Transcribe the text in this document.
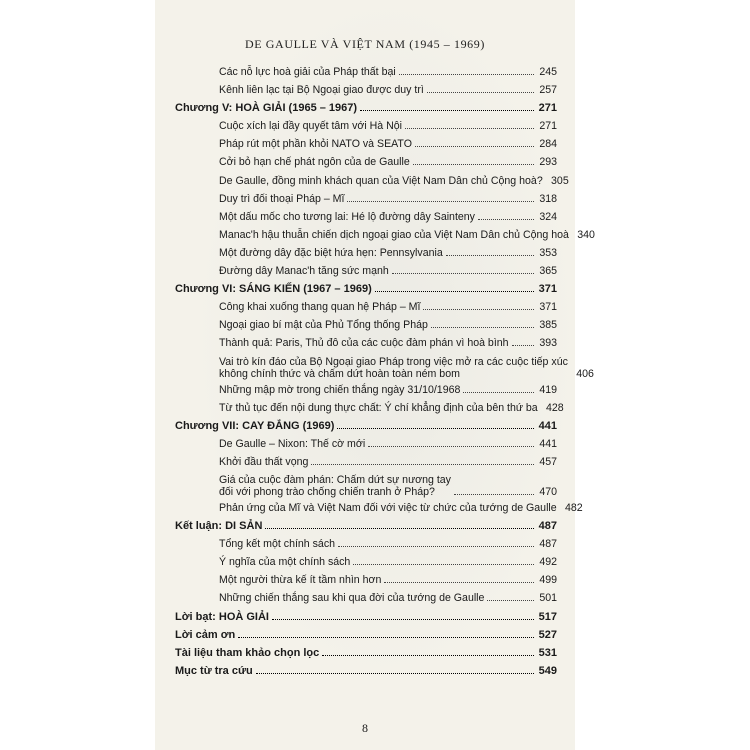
DE GAULLE VÀ VIỆT NAM (1945 – 1969)
Các nỗ lực hoà giải của Pháp thất bại	245
Kênh liên lạc tại Bộ Ngoại giao được duy trì	257
Chương V: HOÀ GIẢI (1965 – 1967)	271
Cuộc xích lại đầy quyết tâm với Hà Nội	271
Pháp rút một phần khỏi NATO và SEATO	284
Cởi bỏ hạn chế phát ngôn của de Gaulle	293
De Gaulle, đồng minh khách quan của Việt Nam Dân chủ Cộng hoà? 305
Duy trì đối thoại Pháp – Mĩ	318
Một dấu mốc cho tương lai: Hé lộ đường dây Sainteny	324
Manac'h hậu thuẫn chiến dịch ngoại giao của Việt Nam Dân chủ Cộng hoà 340
Một đường dây đặc biệt hứa hẹn: Pennsylvania	353
Đường dây Manac'h tăng sức mạnh	365
Chương VI: SÁNG KIẾN (1967 – 1969)	371
Công khai xuống thang quan hệ Pháp – Mĩ	371
Ngoại giao bí mật của Phủ Tổng thống Pháp	385
Thành quả: Paris, Thủ đô của các cuộc đàm phán vì hoà bình	393
Vai trò kín đáo của Bộ Ngoại giao Pháp trong việc mở ra các cuộc tiếp xúc
không chính thức và chấm dứt hoàn toàn ném bom	406
Những mập mờ trong chiến thắng ngày 31/10/1968	419
Từ thủ tục đến nội dung thực chất: Ý chí khẳng định của bên thứ ba 428
Chương VII: CAY ĐẮNG (1969)	441
De Gaulle – Nixon: Thế cờ mới	441
Khởi đầu thất vọng	457
Giá của cuộc đàm phán: Chấm dứt sự nương tay
đối với phong trào chống chiến tranh ở Pháp?	470
Phản ứng của Mĩ và Việt Nam đối với việc từ chức của tướng de Gaulle 482
Kết luận: DI SẢN	487
Tổng kết một chính sách	487
Ý nghĩa của một chính sách	492
Một người thừa kế ít tầm nhìn hơn	499
Những chiến thắng sau khi qua đời của tướng de Gaulle	501
Lời bạt: HOÀ GIẢI	517
Lời cảm ơn	527
Tài liệu tham khảo chọn lọc	531
Mục từ tra cứu	549
8
